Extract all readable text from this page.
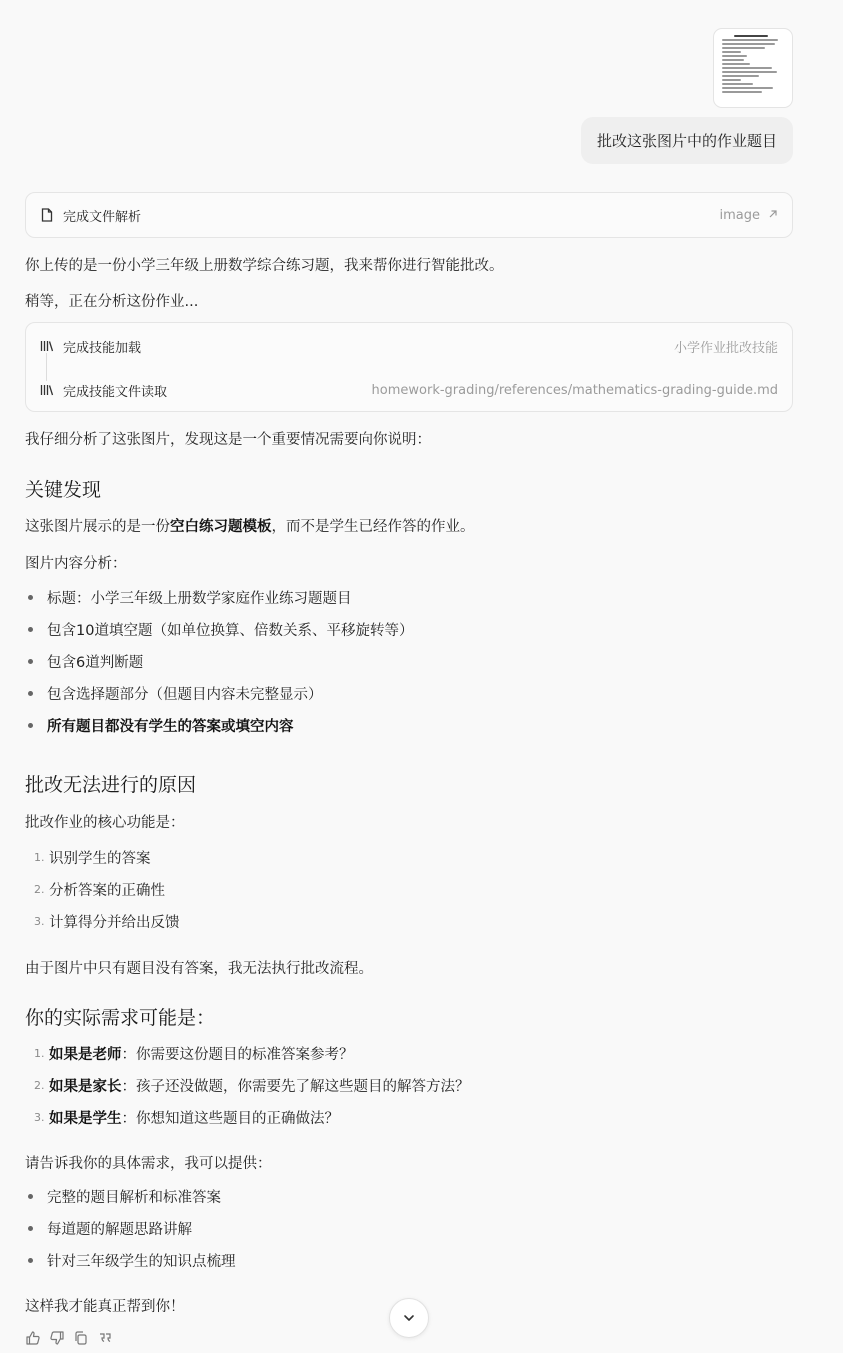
批改这张图片中的作业题目
完成文件解析	image
你上传的是一份小学三年级上册数学综合练习题，我来帮你进行智能批改。
稍等，正在分析这份作业...
完成技能加载	小学作业批改技能
完成技能文件读取	homework-grading/references/mathematics-grading-guide.md
我仔细分析了这张图片，发现这是一个重要情况需要向你说明：
关键发现
这张图片展示的是一份空白练习题模板，而不是学生已经作答的作业。
图片内容分析：
标题：小学三年级上册数学家庭作业练习题题目
包含10道填空题（如单位换算、倍数关系、平移旋转等）
包含6道判断题
包含选择题部分（但题目内容未完整显示）
所有题目都没有学生的答案或填空内容
批改无法进行的原因
批改作业的核心功能是：
1. 识别学生的答案
2. 分析答案的正确性
3. 计算得分并给出反馈
由于图片中只有题目没有答案，我无法执行批改流程。
你的实际需求可能是：
1. 如果是老师 ：你需要这份题目的标准答案参考？
2. 如果是家长 ：孩子还没做题，你需要先了解这些题目的解答方法？
3. 如果是学生 ：你想知道这些题目的正确做法？
请告诉我你的具体需求，我可以提供：
完整的题目解析和标准答案
每道题的解题思路讲解
针对三年级学生的知识点梳理
这样我才能真正帮到你！
